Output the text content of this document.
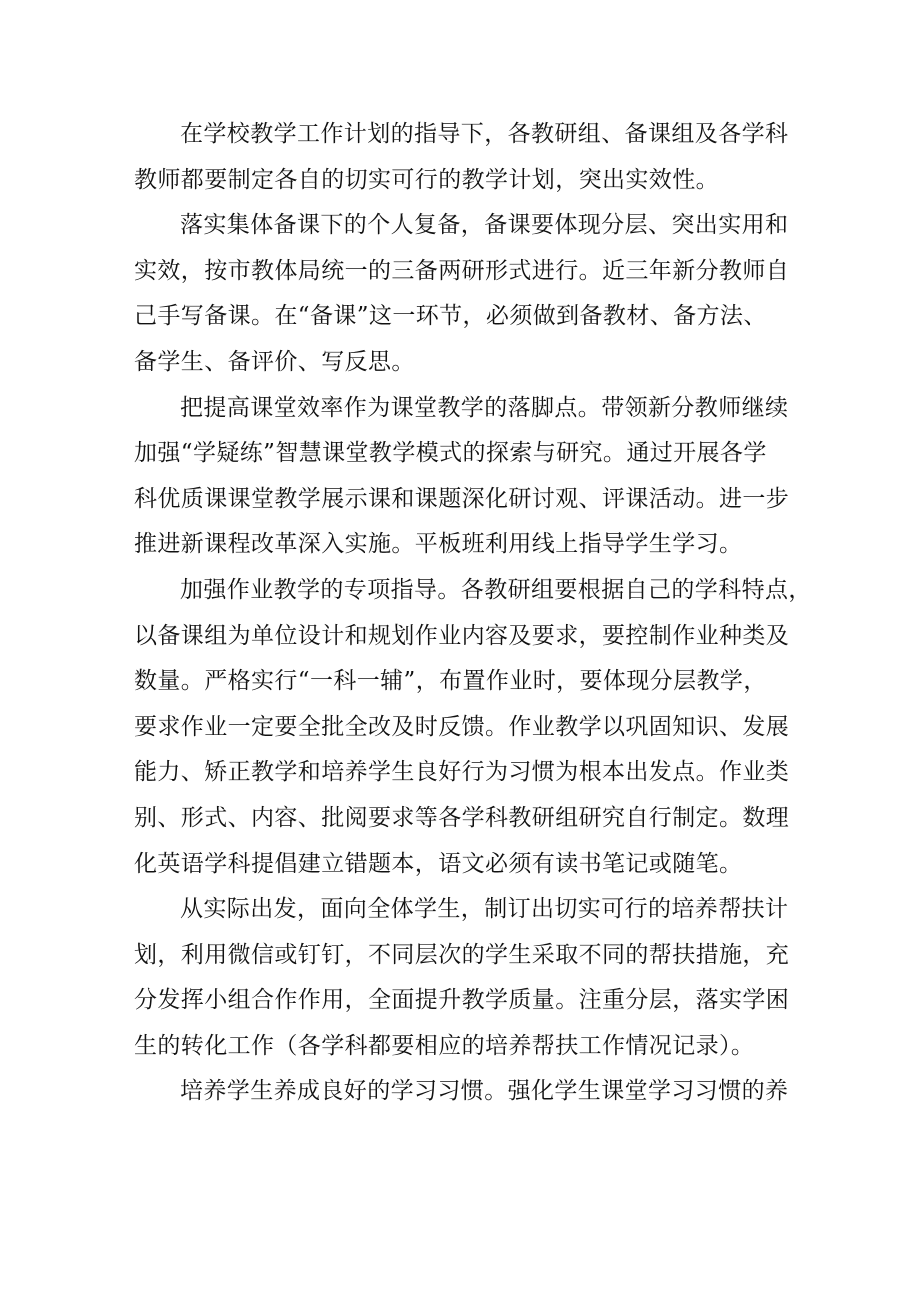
在学校教学工作计划的指导下，各教研组、备课组及各学科
教师都要制定各自的切实可行的教学计划，突出实效性。

落实集体备课下的个人复备，备课要体现分层、突出实用和
实效，按市教体局统一的三备两研形式进行。近三年新分教师自
己手写备课。在“备课”这一环节，必须做到备教材、备方法、
备学生、备评价、写反思。

把提高课堂效率作为课堂教学的落脚点。带领新分教师继续
加强“学疑练”智慧课堂教学模式的探索与研究。通过开展各学
科优质课课堂教学展示课和课题深化研讨观、评课活动。进一步
推进新课程改革深入实施。平板班利用线上指导学生学习。

加强作业教学的专项指导。各教研组要根据自己的学科特点，
以备课组为单位设计和规划作业内容及要求，要控制作业种类及
数量。严格实行“一科一辅”，布置作业时，要体现分层教学，
要求作业一定要全批全改及时反馈。作业教学以巩固知识、发展
能力、矫正教学和培养学生良好行为习惯为根本出发点。作业类
别、形式、内容、批阅要求等各学科教研组研究自行制定。数理
化英语学科提倡建立错题本，语文必须有读书笔记或随笔。

从实际出发，面向全体学生，制订出切实可行的培养帮扶计
划，利用微信或钉钉，不同层次的学生采取不同的帮扶措施，充
分发挥小组合作作用，全面提升教学质量。注重分层，落实学困
生的转化工作（各学科都要相应的培养帮扶工作情况记录）。

培养学生养成良好的学习习惯。强化学生课堂学习习惯的养
